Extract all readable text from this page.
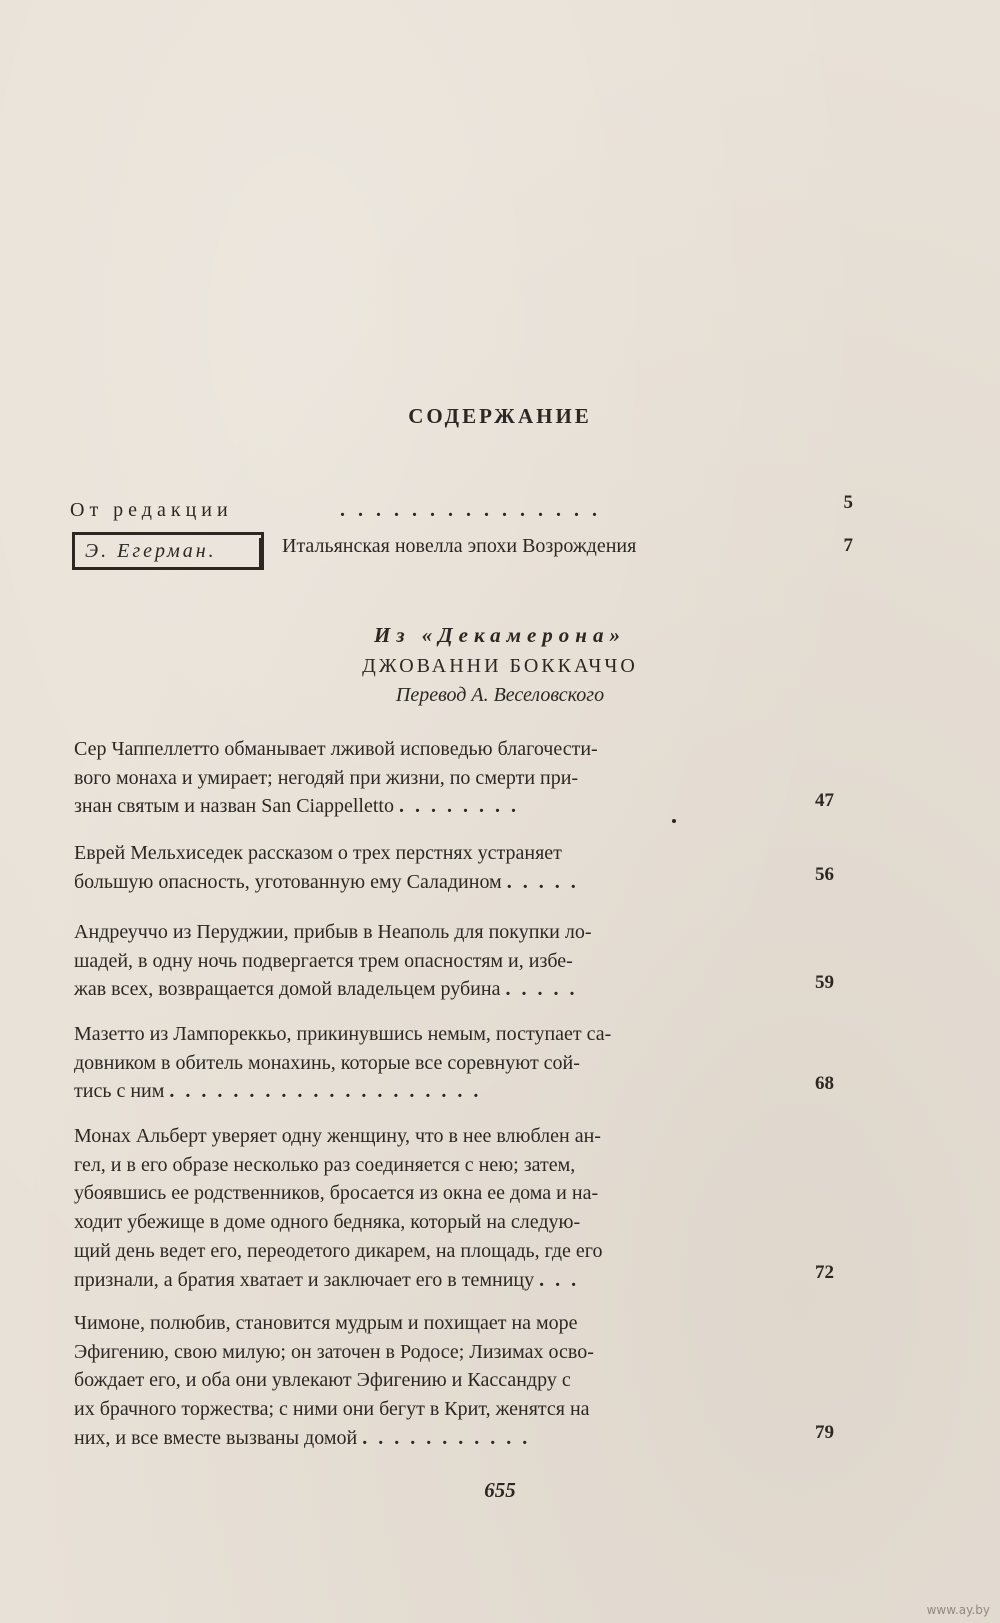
СОДЕРЖАНИЕ
От редакции	...............	5
Э. Егерман.	Итальянская новелла эпохи Возрождения	7
Из «Декамерона»
ДЖОВАННИ БОККАЧЧО
Перевод А. Веселовского
Сер Чаппеллетто обманывает лживой исповедью благочести-
вого монаха и умирает; негодяй при жизни, по смерти при-
знан святым и назван San Ciappelletto ........	47
Еврей Мельхиседек рассказом о трех перстнях устраняет
большую опасность, уготованную ему Саладином .....	56
Андреуччо из Перуджии, прибыв в Неаполь для покупки ло-
шадей, в одну ночь подвергается трем опасностям и, избе-
жав всех, возвращается домой владельцем рубина .....	59
Мазетто из Лампореккьо, прикинувшись немым, поступает са-
довником в обитель монахинь, которые все соревнуют сой-
тись с ним ....................	68
Монах Альберт уверяет одну женщину, что в нее влюблен ан-
гел, и в его образе несколько раз соединяется с нею; затем,
убоявшись ее родственников, бросается из окна ее дома и на-
ходит убежище в доме одного бедняка, который на следую-
щий день ведет его, переодетого дикарем, на площадь, где его
признали, а братия хватает и заключает его в темницу ...	72
Чимоне, полюбив, становится мудрым и похищает на море
Эфигению, свою милую; он заточен в Родосе; Лизимах осво-
бождает его, и оба они увлекают Эфигению и Кассандру с
их брачного торжества; с ними они бегут в Крит, женятся на
них, и все вместе вызваны домой ...........	79
655
www.ay.by
